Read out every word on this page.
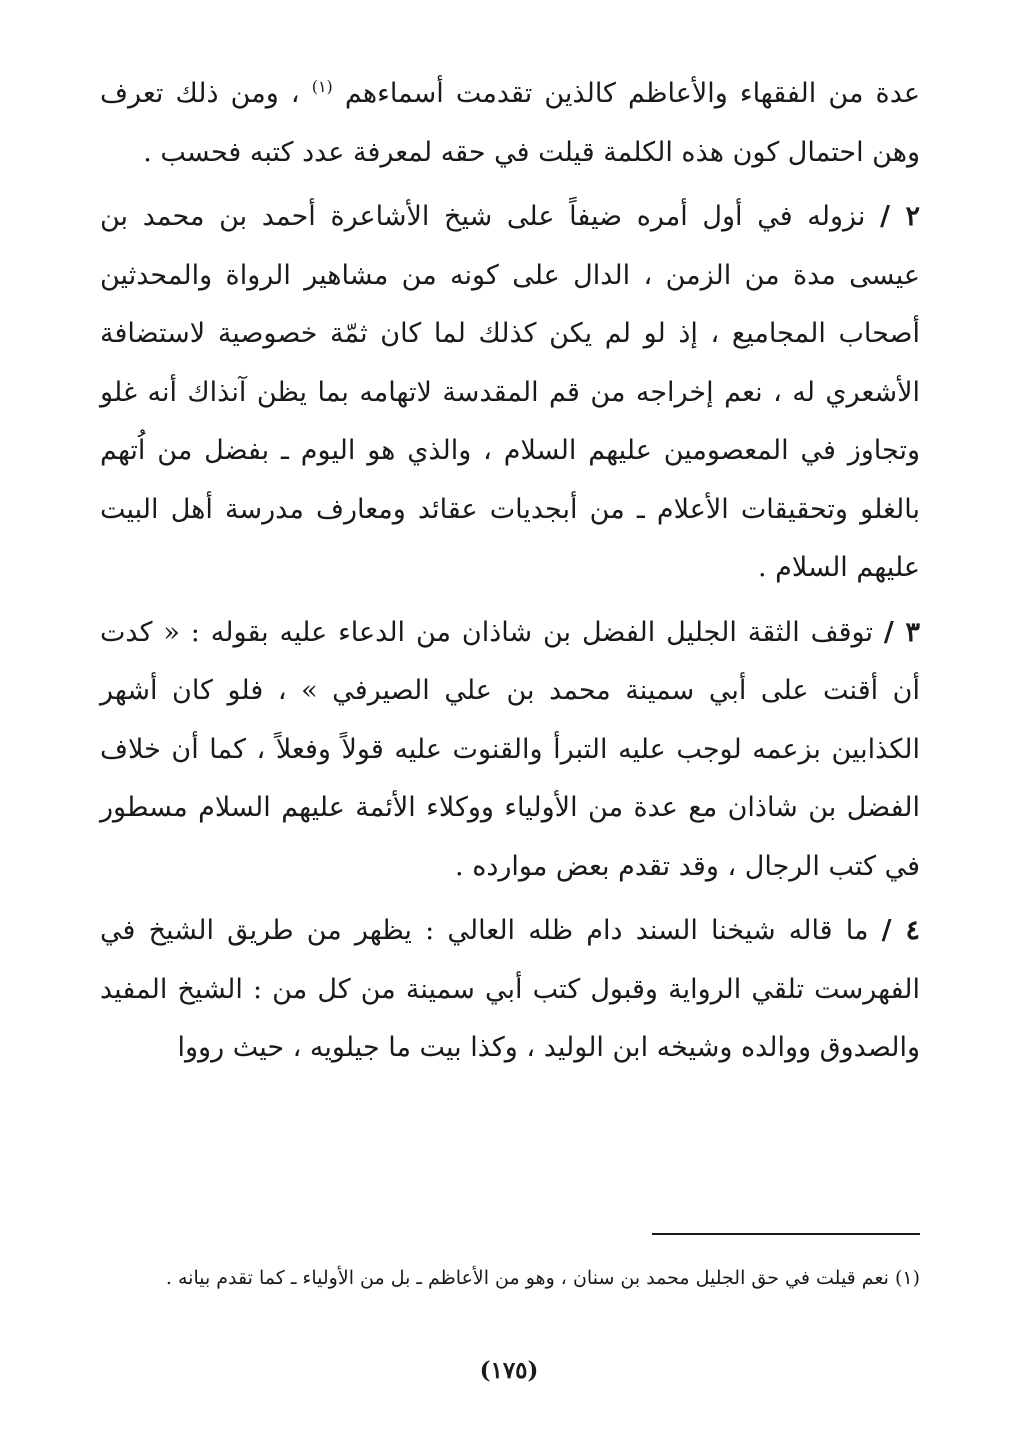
عدة من الفقهاء والأعاظم كالذين تقدمت أسماءهم $^{(١)}$ ، ومن ذلك تعرف وهن احتمال كون هذه الكلمة قيلت في حقه لمعرفة عدد كتبه فحسب .

٢ / نزوله في أول أمره ضيفاً على شيخ الأشاعرة أحمد بن محمد بن عيسى مدة من الزمن ، الدال على كونه من مشاهير الرواة والمحدثين أصحاب المجاميع ، إذ لو لم يكن كذلك لما كان ثمّة خصوصية لاستضافة الأشعري له ، نعم إخراجه من قم المقدسة لاتهامه بما يظن آنذاك أنه غلو وتجاوز في المعصومين عليهم السلام ، والذي هو اليوم ـ بفضل من اُتهم بالغلو وتحقيقات الأعلام ـ من أبجديات عقائد ومعارف مدرسة أهل البيت عليهم السلام .

٣ / توقف الثقة الجليل الفضل بن شاذان من الدعاء عليه بقوله : « كدت أن أقنت على أبي سمينة محمد بن علي الصيرفي » ، فلو كان أشهر الكذابين بزعمه لوجب عليه التبرأ والقنوت عليه قولاً وفعلاً ، كما أن خلاف الفضل بن شاذان مع عدة من الأولياء ووكلاء الأئمة عليهم السلام مسطور في كتب الرجال ، وقد تقدم بعض موارده .

٤ / ما قاله شيخنا السند دام ظله العالي : يظهر من طريق الشيخ في الفهرست تلقي الرواية وقبول كتب أبي سمينة من كل من : الشيخ المفيد والصدوق ووالده وشيخه ابن الوليد ، وكذا بيت ما جيلويه ، حيث رووا

(١) نعم قيلت في حق الجليل محمد بن سنان ، وهو من الأعاظم ـ بل من الأولياء ـ كما تقدم بيانه .
(١٧٥)
